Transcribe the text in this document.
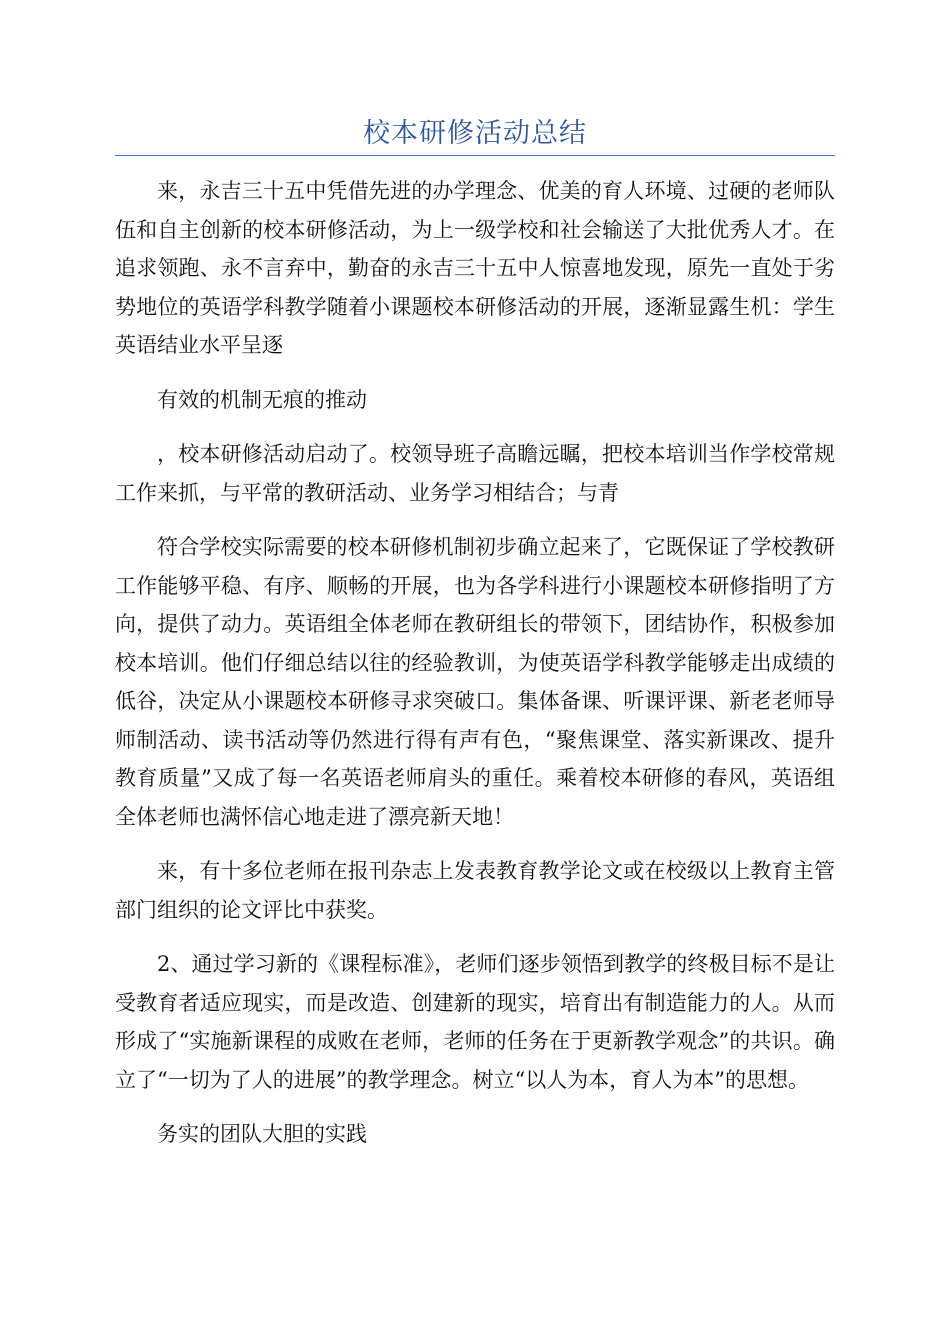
校本研修活动总结

来，永吉三十五中凭借先进的办学理念、优美的育人环境、过硬的老师队伍和自主创新的校本研修活动，为上一级学校和社会输送了大批优秀人才。在追求领跑、永不言弃中，勤奋的永吉三十五中人惊喜地发现，原先一直处于劣势地位的英语学科教学随着小课题校本研修活动的开展，逐渐显露生机：学生英语结业水平呈逐

有效的机制无痕的推动

，校本研修活动启动了。校领导班子高瞻远瞩，把校本培训当作学校常规工作来抓，与平常的教研活动、业务学习相结合；与青

符合学校实际需要的校本研修机制初步确立起来了，它既保证了学校教研工作能够平稳、有序、顺畅的开展，也为各学科进行小课题校本研修指明了方向，提供了动力。英语组全体老师在教研组长的带领下，团结协作，积极参加校本培训。他们仔细总结以往的经验教训，为使英语学科教学能够走出成绩的低谷，决定从小课题校本研修寻求突破口。集体备课、听课评课、新老老师导师制活动、读书活动等仍然进行得有声有色，“聚焦课堂、落实新课改、提升教育质量”又成了每一名英语老师肩头的重任。乘着校本研修的春风，英语组全体老师也满怀信心地走进了漂亮新天地！

来，有十多位老师在报刊杂志上发表教育教学论文或在校级以上教育主管部门组织的论文评比中获奖。

2、通过学习新的《课程标准》，老师们逐步领悟到教学的终极目标不是让受教育者适应现实，而是改造、创建新的现实，培育出有制造能力的人。从而形成了“实施新课程的成败在老师，老师的任务在于更新教学观念”的共识。确立了“一切为了人的进展”的教学理念。树立“以人为本，育人为本”的思想。

务实的团队大胆的实践
